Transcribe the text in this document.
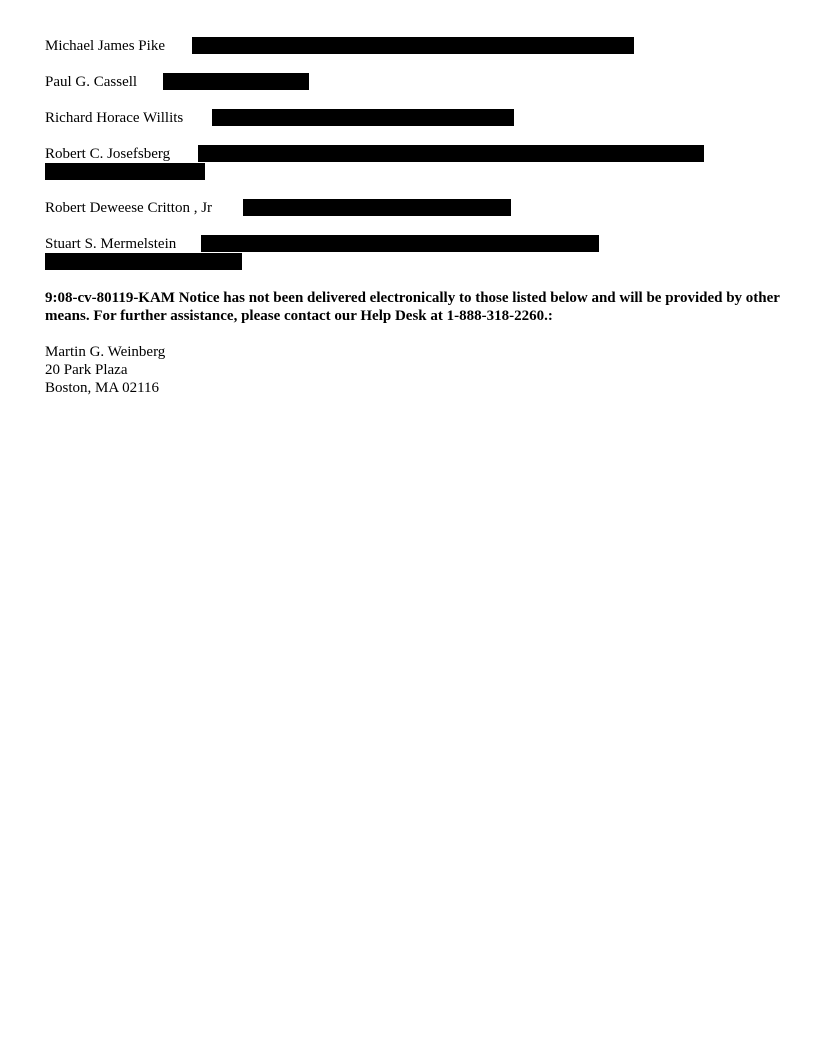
Michael James Pike
Paul G. Cassell
Richard Horace Willits
Robert C. Josefsberg
Robert Deweese Critton , Jr
Stuart S. Mermelstein
9:08-cv-80119-KAM Notice has not been delivered electronically to those listed below and will be provided by other means. For further assistance, please contact our Help Desk at 1-888-318-2260.:
Martin G. Weinberg
20 Park Plaza
Boston, MA 02116
